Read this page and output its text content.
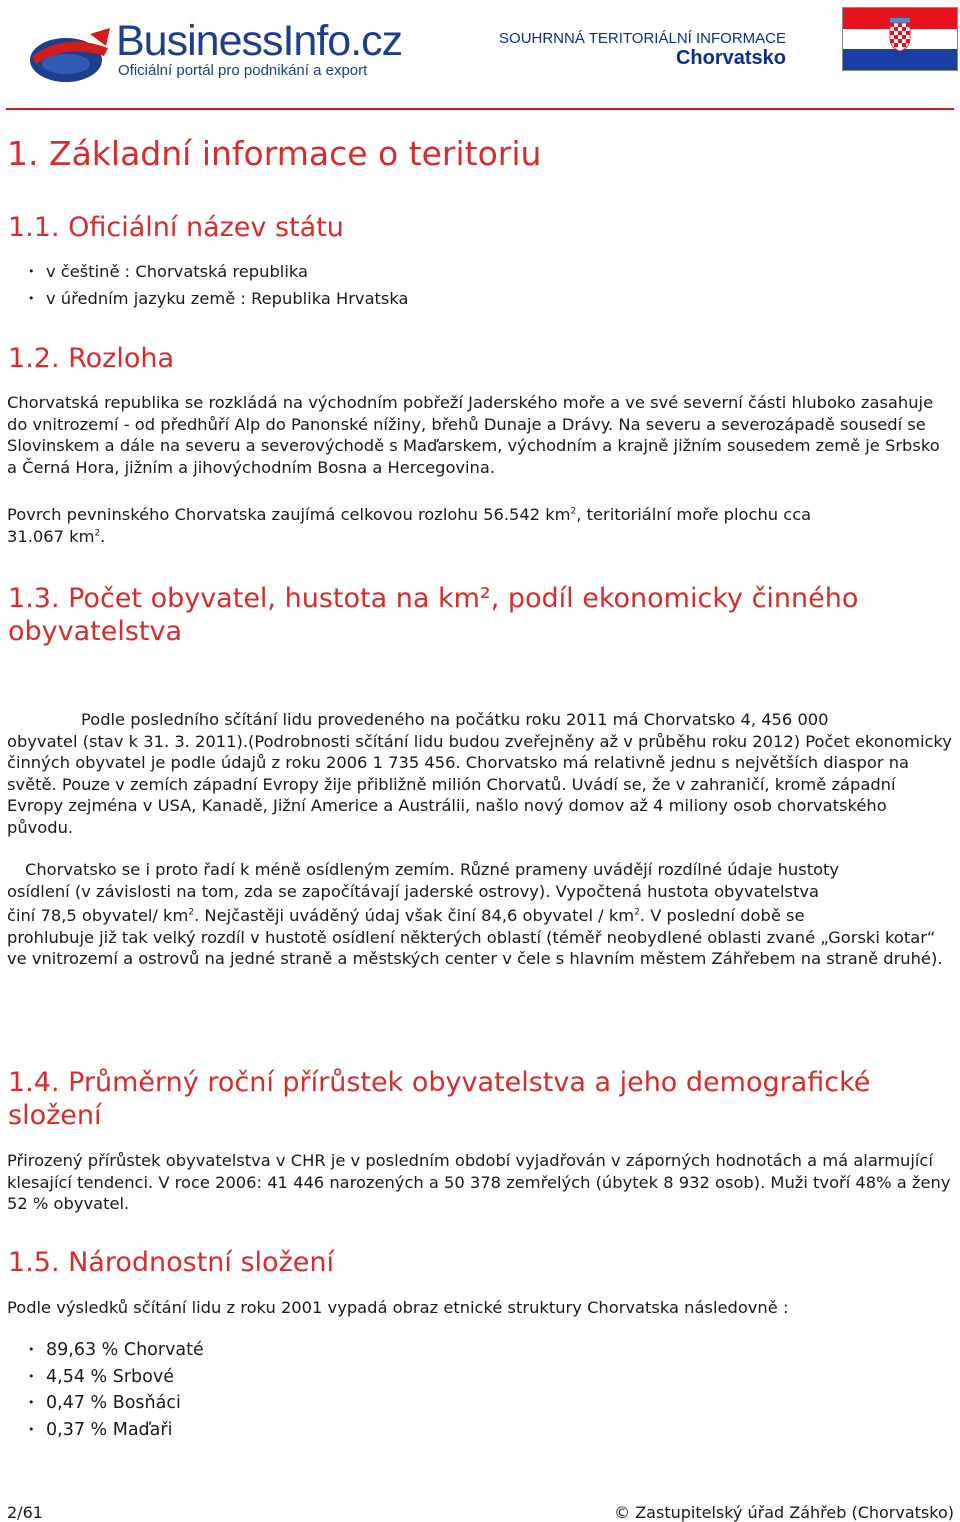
BusinessInfo.cz
Oficiální portál pro podnikání a export
SOUHRNNÁ TERITORIÁLNÍ INFORMACE
Chorvatsko
1. Základní informace o teritoriu
1.1. Oficiální název státu
• v češtině : Chorvatská republika
• v úředním jazyku země : Republika Hrvatska
1.2. Rozloha
Chorvatská republika se rozkládá na východním pobřeží Jaderského moře a ve své severní části hluboko zasahuje do vnitrozemí - od předhůří Alp do Panonské nížiny, břehů Dunaje a Drávy. Na severu a severozápadě sousedí se Slovinskem a dále na severu a severovýchodě s Maďarskem, východním a krajně jižním sousedem země je Srbsko a Černá Hora, jižním a jihovýchodním Bosna a Hercegovina.
Povrch pevninského Chorvatska zaujímá celkovou rozlohu 56.542 $km^2$, teritoriální moře plochu cca
31.067 $km^2$.
1.3. Počet obyvatel, hustota na km², podíl ekonomicky činného obyvatelstva
Podle posledního sčítání lidu provedeného na počátku roku 2011 má Chorvatsko 4, 456 000
obyvatel (stav k 31. 3. 2011).(Podrobnosti sčítání lidu budou zveřejněny až v průběhu roku 2012) Počet ekonomicky činných obyvatel je podle údajů z roku 2006 1 735 456. Chorvatsko má relativně jednu s největších diaspor na světě. Pouze v zemích západní Evropy žije přibližně milión Chorvatů. Uvádí se, že v zahraničí, kromě západní Evropy zejména v USA, Kanadě, Jižní Americe a Austrálii, našlo nový domov až 4 miliony osob chorvatského původu.
Chorvatsko se i proto řadí k méně osídleným zemím. Různé prameny uvádějí rozdílné údaje hustoty
osídlení (v závislosti na tom, zda se započítávají jaderské ostrovy). Vypočtená hustota obyvatelstva
činí 78,5 obyvatel/ $km^2$. Nejčastěji uváděný údaj však činí 84,6 obyvatel / $km^2$. V poslední době se
prohlubuje již tak velký rozdíl v hustotě osídlení některých oblastí (téměř neobydlené oblasti zvané „Gorski kotar“ ve vnitrozemí a ostrovů na jedné straně a městských center v čele s hlavním městem Záhřebem na straně druhé).
1.4. Průměrný roční přírůstek obyvatelstva a jeho demografické složení
Přirozený přírůstek obyvatelstva v CHR je v posledním období vyjadřován v záporných hodnotách a má alarmující klesající tendenci. V roce 2006: 41 446 narozených a 50 378 zemřelých (úbytek 8 932 osob). Muži tvoří 48% a ženy 52 % obyvatel.
1.5. Národnostní složení
Podle výsledků sčítání lidu z roku 2001 vypadá obraz etnické struktury Chorvatska následovně :
• 89,63 % Chorvaté
• 4,54 % Srbové
• 0,47 % Bosňáci
• 0,37 % Maďaři
2/61	© Zastupitelský úřad Záhřeb (Chorvatsko)
